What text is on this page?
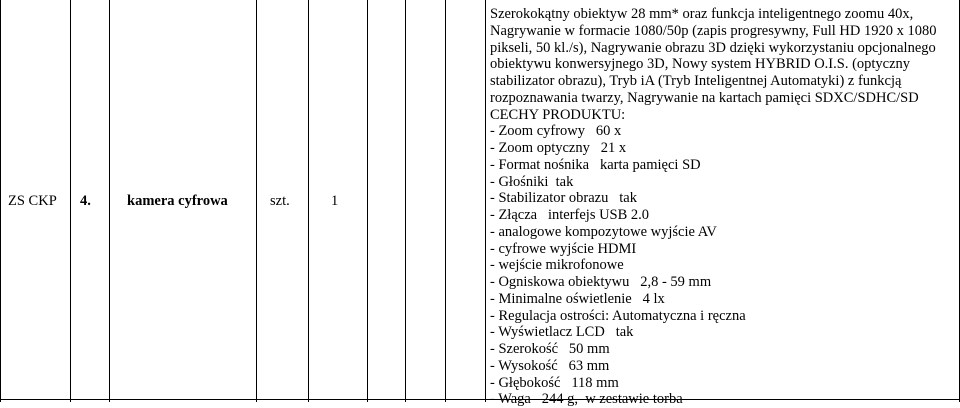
ZS CKP 4. kamera cyfrowa	szt.	1

Szerokokątny obiektyw 28 mm* oraz funkcja inteligentnego zoomu 40x,

Nagrywanie w formacie 1080/50p (zapis progresywny, Full HD 1920 x 1080

pikseli, 50 kl./s), Nagrywanie obrazu 3D dzięki wykorzystaniu opcjonalnego

obiektywu konwersyjnego 3D, Nowy system HYBRID O.I.S. (optyczny

stabilizator obrazu), Tryb iA (Tryb Inteligentnej Automatyki) z funkcją

rozpoznawania twarzy, Nagrywanie na kartach pamięci SDXC/SDHC/SD

CECHY PRODUKTU:

- Zoom cyfrowy   60 x

- Zoom optyczny   21 x

- Format nośnika   karta pamięci SD

- Głośniki  tak

- Stabilizator obrazu   tak

- Złącza   interfejs USB 2.0

- analogowe kompozytowe wyjście AV

- cyfrowe wyjście HDMI

- wejście mikrofonowe

- Ogniskowa obiektywu   2,8 - 59 mm

- Minimalne oświetlenie   4 lx

- Regulacja ostrości: Automatyczna i ręczna

- Wyświetlacz LCD   tak

- Szerokość   50 mm

- Wysokość   63 mm

- Głębokość   118 mm

- Waga   244 g,  w zestawie torba
